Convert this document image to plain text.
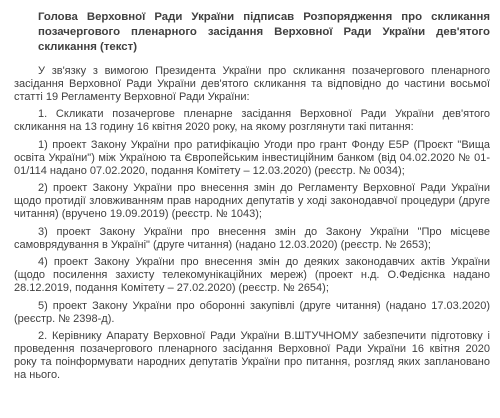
Голова Верховної Ради України підписав Розпорядження про скликання позачергового пленарного засідання Верховної Ради України дев'ятого скликання (текст)

У зв'язку з вимогою Президента України про скликання позачергового пленарного засідання Верховної Ради України дев'ятого скликання та відповідно до частини восьмої статті 19 Регламенту Верховної Ради України:

1. Скликати позачергове пленарне засідання Верховної Ради України дев'ятого скликання на 13 годину 16 квітня 2020 року, на якому розглянути такі питання:

1) проект Закону України про ратифікацію Угоди про грант Фонду Е5Р (Проєкт "Вища освіта України") між Україною та Європейським інвестиційним банком (від 04.02.2020 № 01-01/114 надано 07.02.2020, подання Комітету – 12.03.2020) (реєстр. № 0034);

2) проект Закону України про внесення змін до Регламенту Верховної Ради України щодо протидії зловживанням прав народних депутатів у ході законодавчої процедури (друге читання) (вручено 19.09.2019) (реєстр. № 1043);

3) проект Закону України про внесення змін до Закону України "Про місцеве самоврядування в Україні" (друге читання) (надано 12.03.2020) (реєстр. № 2653);

4) проект Закону України про внесення змін до деяких законодавчих актів України (щодо посилення захисту телекомунікаційних мереж) (проект н.д. О.Федієнка надано 28.12.2019, подання Комітету – 27.02.2020) (реєстр. № 2654);

5) проект Закону України про оборонні закупівлі (друге читання) (надано 17.03.2020) (реєстр. № 2398-д).

2. Керівнику Апарату Верховної Ради України В.ШТУЧНОМУ забезпечити підготовку і проведення позачергового пленарного засідання Верховної Ради України 16 квітня 2020 року та поінформувати народних депутатів України про питання, розгляд яких заплановано на нього.
